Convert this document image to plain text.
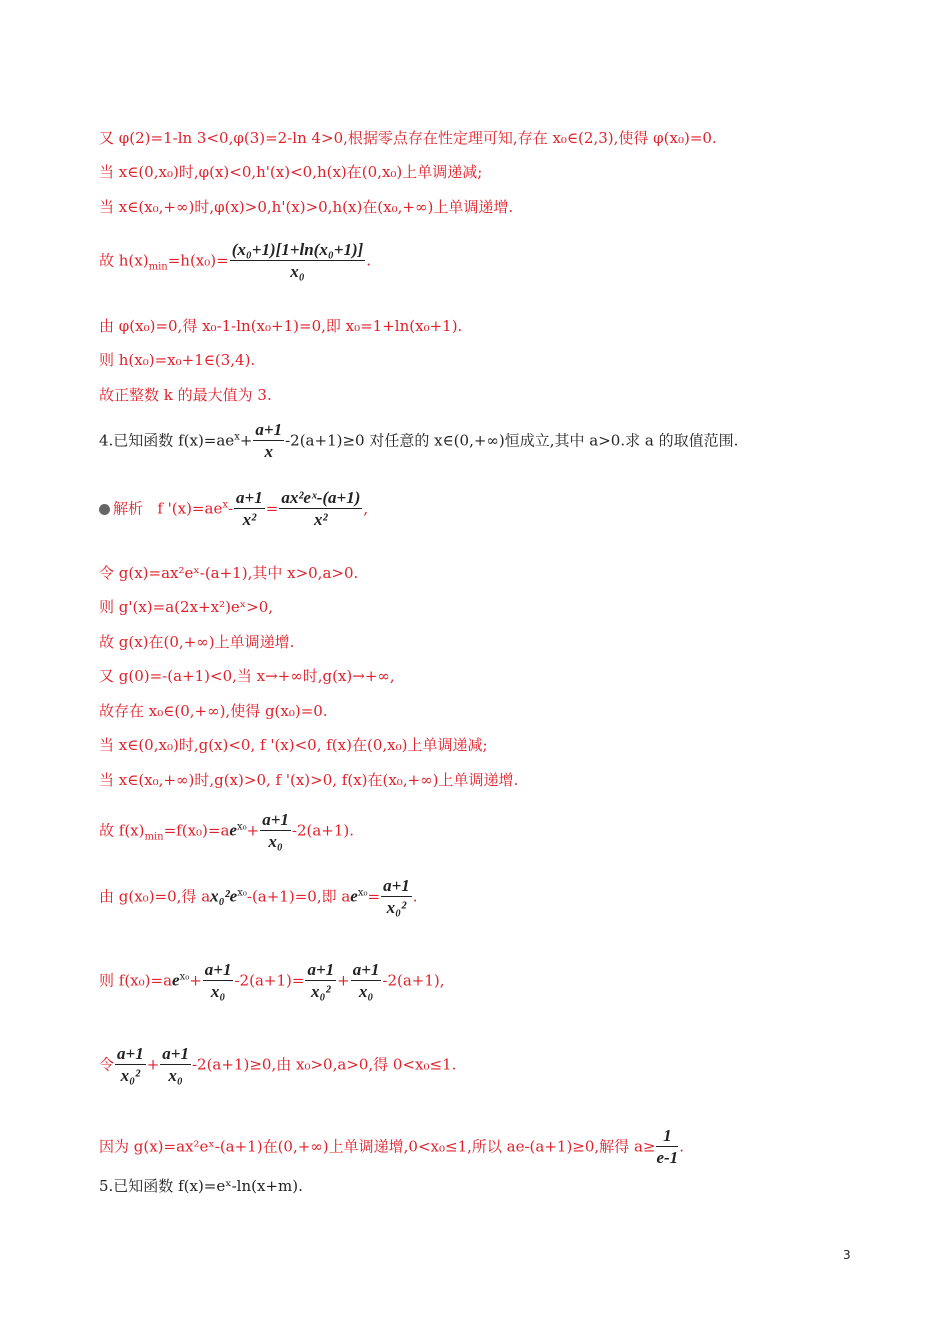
又 φ(2)=1-ln 3<0,φ(3)=2-ln 4>0,根据零点存在性定理可知,存在 x₀∈(2,3),使得 φ(x₀)=0.
当 x∈(0,x₀)时,φ(x)<0,h'(x)<0,h(x)在(0,x₀)上单调递减;
当 x∈(x₀,+∞)时,φ(x)>0,h'(x)>0,h(x)在(x₀,+∞)上单调递增.
故 $h(x)_{min}=h(x_0)= \frac{\text{(x₀+1)[1+ln(x₀+1)]}}{\text{x₀}}$ .
由 φ(x₀)=0,得 x₀-1-ln(x₀+1)=0,即 x₀=1+ln(x₀+1).
则 h(x₀)=x₀+1∈(3,4).
故正整数 k 的最大值为 3.
4.已知函数 $f(x)=ae^x+ \frac{a+1}{x} -2(a+1)\ge 0$ 对任意的 x∈(0,+∞)恒成立,其中 a>0.求 a 的取值范围.
解析 f '$(x)=ae^x- \frac{a+1}{\text{x²}} = \frac{\text{ax²eˣ-(a+1)}}{\text{x²}}$ ,
令 g(x)=ax²eˣ-(a+1),其中 x>0,a>0.
则 g'(x)=a(2x+x²)eˣ>0,
故 g(x)在(0,+∞)上单调递增.
又 g(0)=-(a+1)<0,当 x→+∞时,g(x)→+∞,
故存在 x₀∈(0,+∞),使得 g(x₀)=0.
当 x∈(0,x₀)时,g(x)<0, f '(x)<0, f(x)在(0,x₀)上单调递减;
当 x∈(x₀,+∞)时,g(x)>0, f '(x)>0, f(x)在(x₀,+∞)上单调递增.
故 $f(x)_{min}=f(x_0)=ae^{x_0}+ \frac{a+1}{\text{x₀}} -2(a+1)$.
由 g(x₀)=0,得 $ax_0^2e^{x_0}-(a+1)=0$,即 $ae^{x_0}= \frac{a+1}{\text{x₀²}}$ .
则 $f(x_0)=ae^{x_0}+ \frac{a+1}{\text{x₀}} -2(a+1)= \frac{a+1}{\text{x₀²}} + \frac{a+1}{\text{x₀}} -2(a+1)$,
令 $\frac{a+1}{\text{x₀²}} + \frac{a+1}{\text{x₀}} -2(a+1)\ge 0$,由 x₀>0,a>0,得 0<x₀≤1.
因为 g(x)=ax²eˣ-(a+1)在(0,+∞)上单调递增,0<x₀≤1,所以 ae-(a+1)≥0,解得 $a\ge \frac{1}{e-1}$ .
5.已知函数 f(x)=eˣ-ln(x+m).
3
